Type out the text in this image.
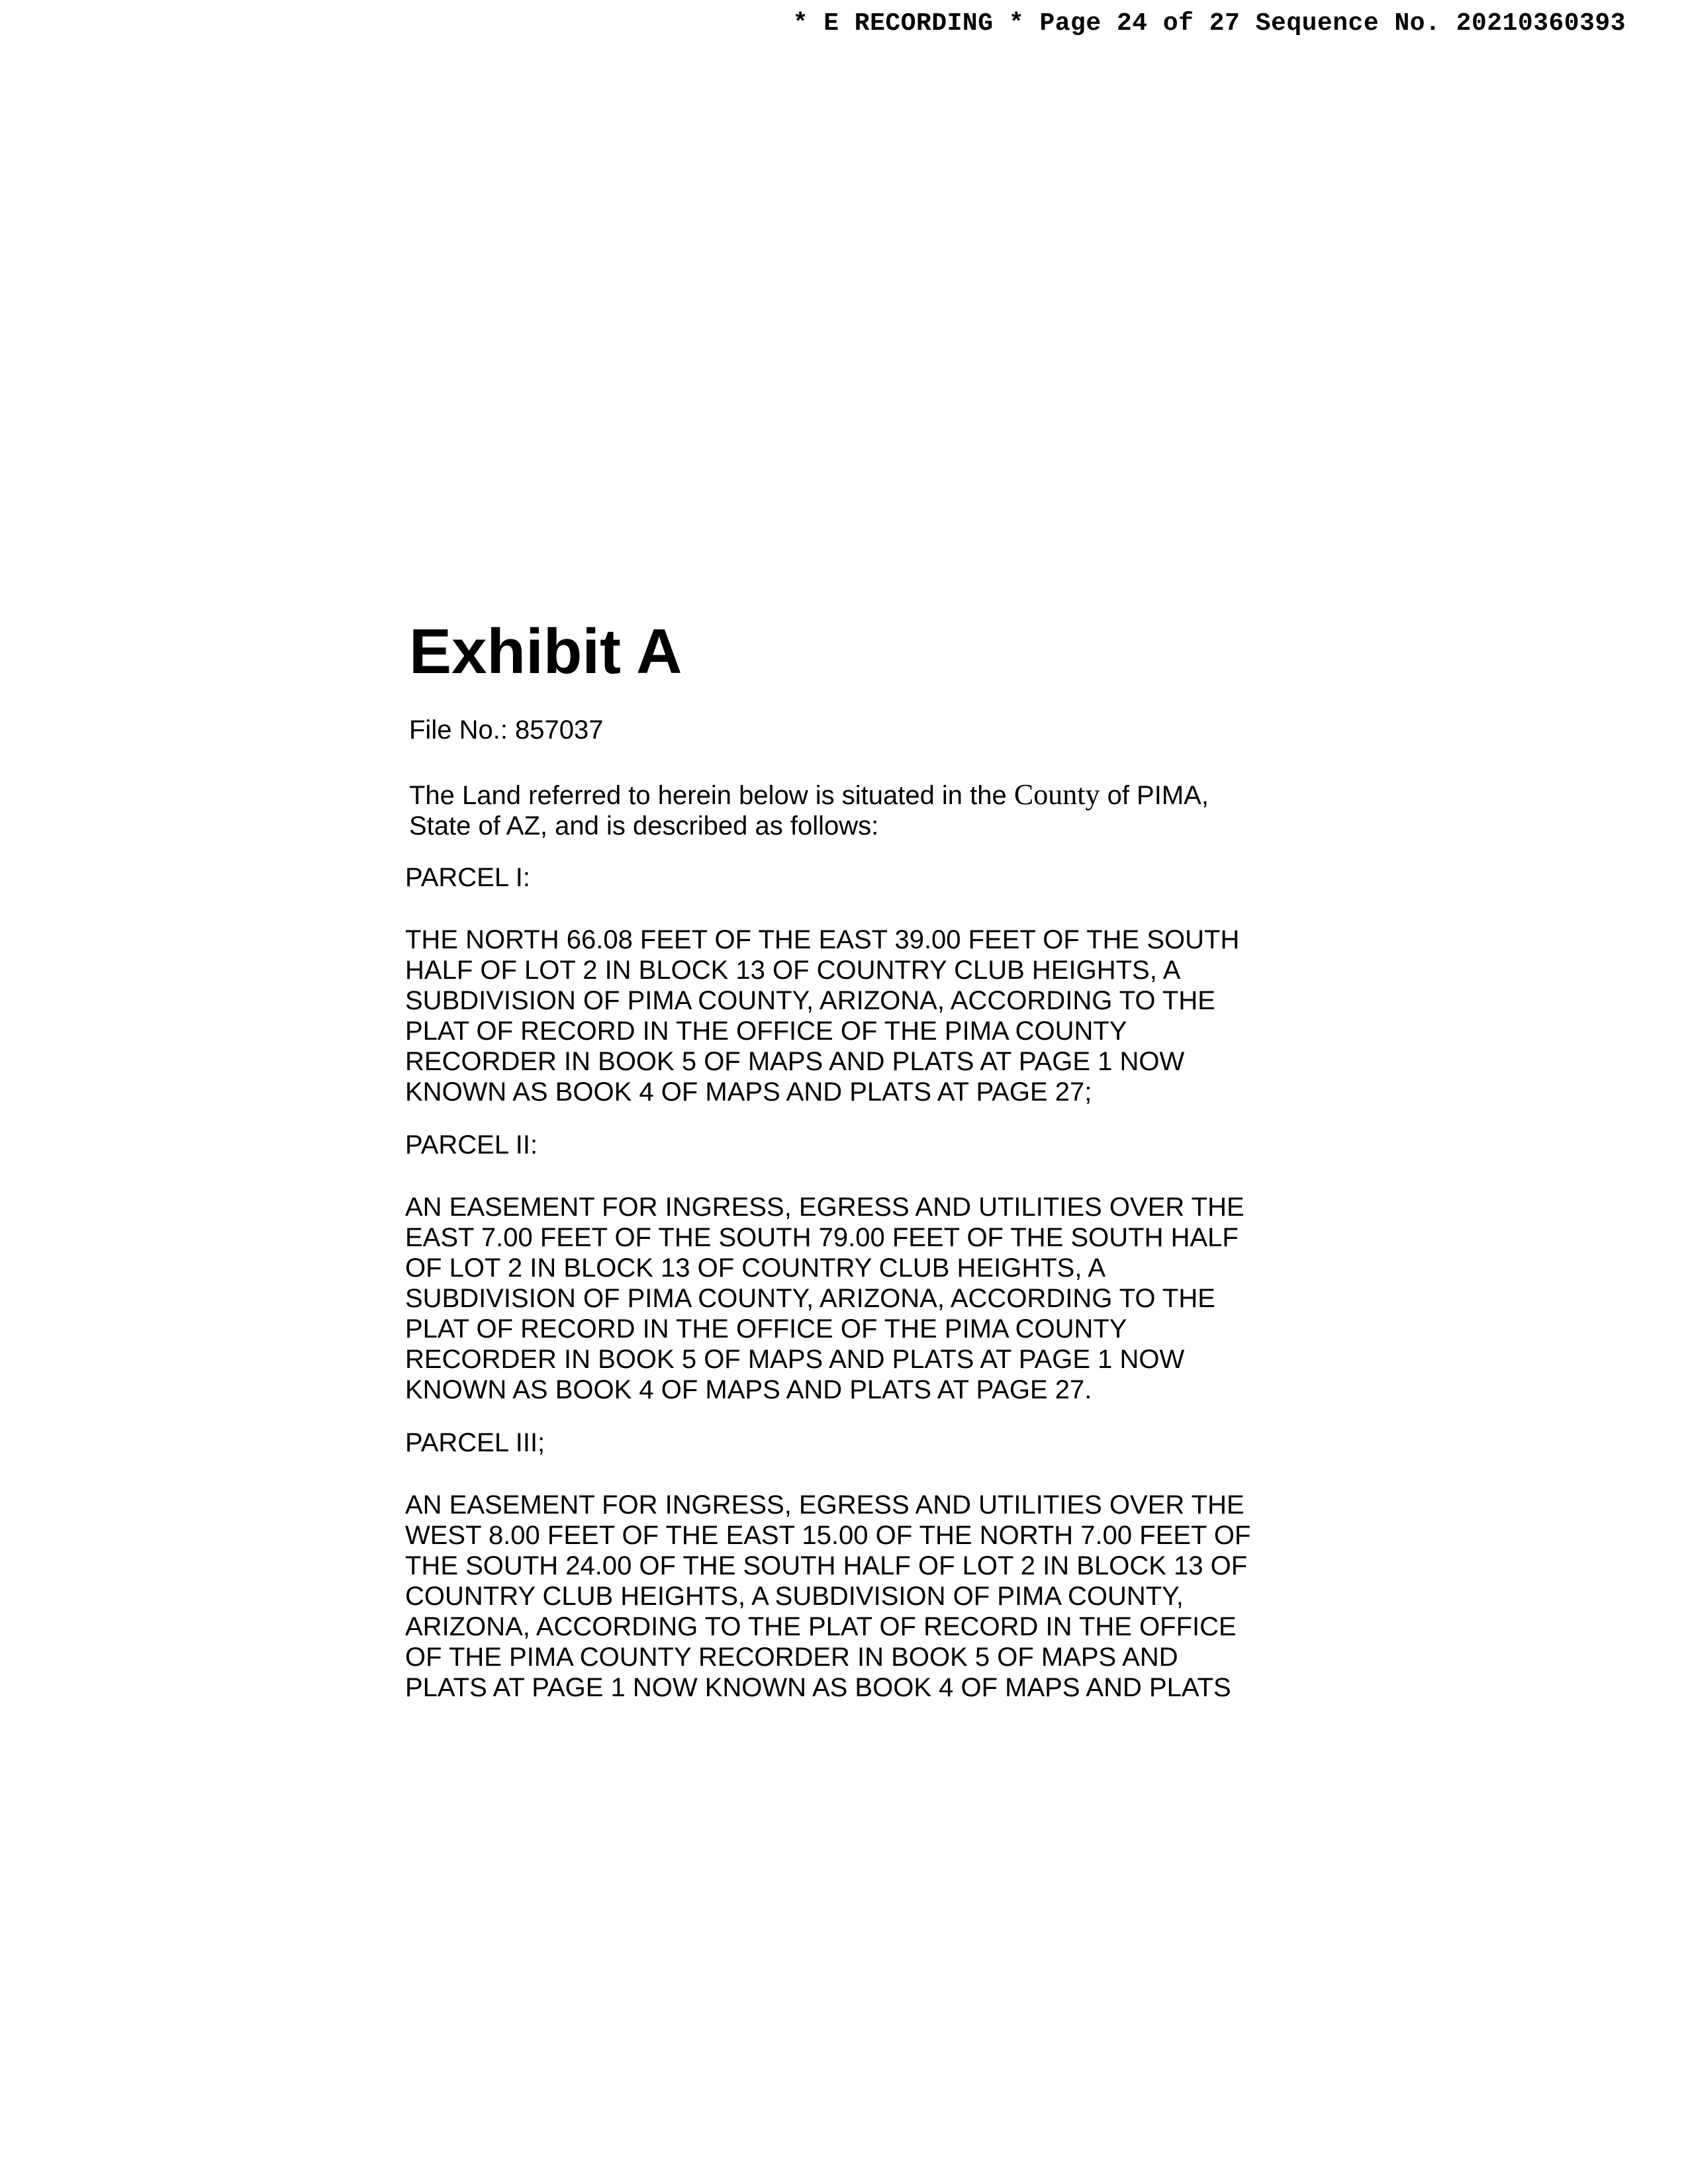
* E RECORDING * Page 24 of 27 Sequence No. 20210360393
Exhibit A
File No.: 857037
The Land referred to herein below is situated in the County of PIMA,
State of AZ, and is described as follows:
PARCEL I:
THE NORTH 66.08 FEET OF THE EAST 39.00 FEET OF THE SOUTH
HALF OF LOT 2 IN BLOCK 13 OF COUNTRY CLUB HEIGHTS, A
SUBDIVISION OF PIMA COUNTY, ARIZONA, ACCORDING TO THE
PLAT OF RECORD IN THE OFFICE OF THE PIMA COUNTY
RECORDER IN BOOK 5 OF MAPS AND PLATS AT PAGE 1 NOW
KNOWN AS BOOK 4 OF MAPS AND PLATS AT PAGE 27;
PARCEL II:
AN EASEMENT FOR INGRESS, EGRESS AND UTILITIES OVER THE
EAST 7.00 FEET OF THE SOUTH 79.00 FEET OF THE SOUTH HALF
OF LOT 2 IN BLOCK 13 OF COUNTRY CLUB HEIGHTS, A
SUBDIVISION OF PIMA COUNTY, ARIZONA, ACCORDING TO THE
PLAT OF RECORD IN THE OFFICE OF THE PIMA COUNTY
RECORDER IN BOOK 5 OF MAPS AND PLATS AT PAGE 1 NOW
KNOWN AS BOOK 4 OF MAPS AND PLATS AT PAGE 27.
PARCEL III;
AN EASEMENT FOR INGRESS, EGRESS AND UTILITIES OVER THE
WEST 8.00 FEET OF THE EAST 15.00 OF THE NORTH 7.00 FEET OF
THE SOUTH 24.00 OF THE SOUTH HALF OF LOT 2 IN BLOCK 13 OF
COUNTRY CLUB HEIGHTS, A SUBDIVISION OF PIMA COUNTY,
ARIZONA, ACCORDING TO THE PLAT OF RECORD IN THE OFFICE
OF THE PIMA COUNTY RECORDER IN BOOK 5 OF MAPS AND
PLATS AT PAGE 1 NOW KNOWN AS BOOK 4 OF MAPS AND PLATS
